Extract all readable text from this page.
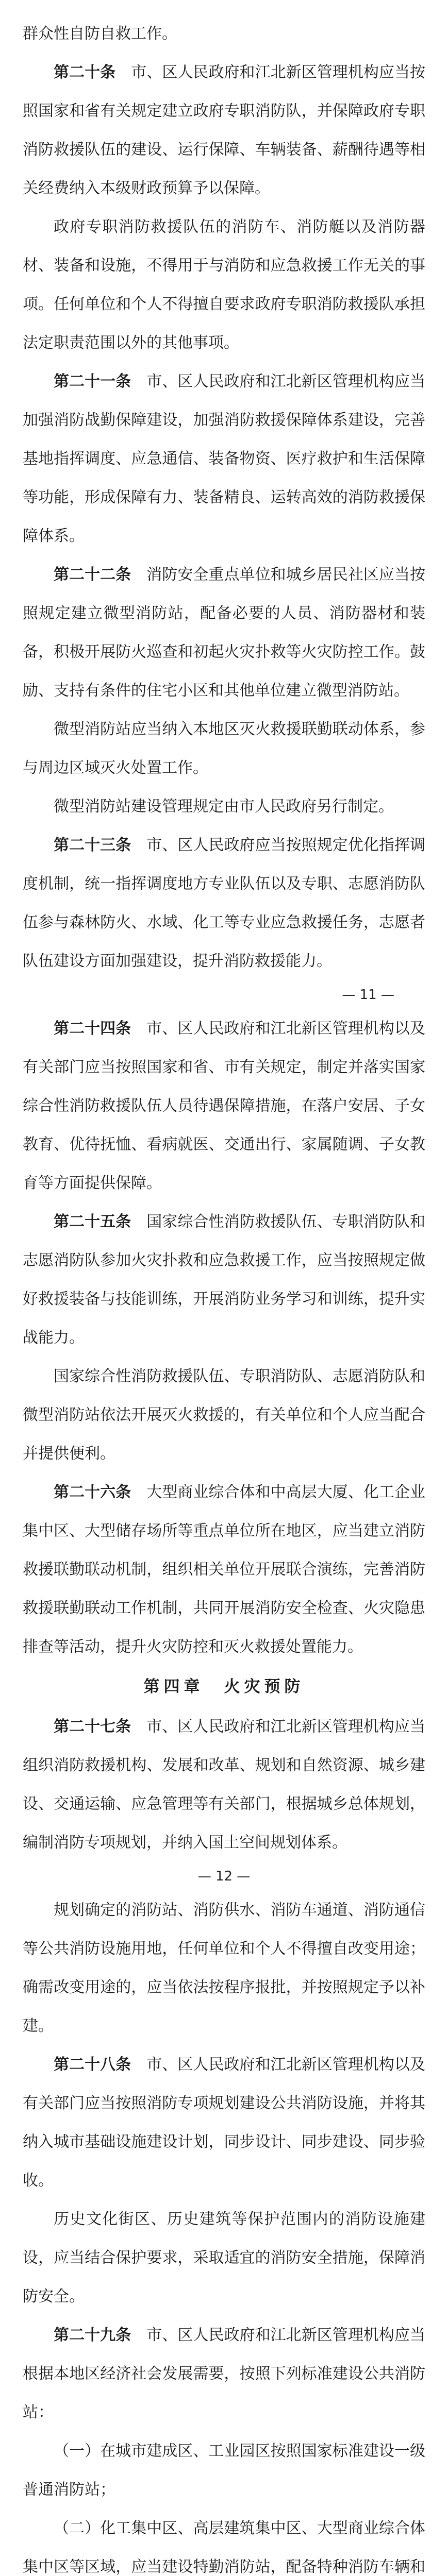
群众性自防自救工作。

第二十条　 市、区人民政府和江北新区管理机构应当按照国家和省有关规定建立政府专职消防队，并保障政府专职消防救援队伍的建设、运行保障、车辆装备、薪酬待遇等相关经费纳入本级财政预算予以保障。

政府专职消防救援队伍的消防车、消防艇以及消防器材、装备和设施，不得用于与消防和应急救援工作无关的事项。任何单位和个人不得擅自要求政府专职消防救援队承担法定职责范围以外的其他事项。

第二十一条　 市、区人民政府和江北新区管理机构应当加强消防战勤保障建设，加强消防救援保障体系建设，完善基地指挥调度、应急通信、装备物资、医疗救护和生活保障等功能，形成保障有力、装备精良、运转高效的消防救援保障体系。

第二十二条　 消防安全重点单位和城乡居民社区应当按照规定建立微型消防站，配备必要的人员、消防器材和装备，积极开展防火巡查和初起火灾扑救等火灾防控工作。鼓励、支持有条件的住宅小区和其他单位建立微型消防站。

微型消防站应当纳入本地区灭火救援联勤联动体系，参与周边区域灭火处置工作。

微型消防站建设管理规定由市人民政府另行制定。

第二十三条　 市、区人民政府应当按照规定优化指挥调度机制，统一指挥调度地方专业队伍以及专职、志愿消防队伍参与森林防火、水域、化工等专业应急救援任务，志愿者队伍建设方面加强建设，提升消防救援能力。

— 11 —

第二十四条　 市、区人民政府和江北新区管理机构以及有关部门应当按照国家和省、市有关规定，制定并落实国家综合性消防救援队伍人员待遇保障措施，在落户安居、子女教育、优待抚恤、看病就医、交通出行、家属随调、子女教育等方面提供保障。

第二十五条　 国家综合性消防救援队伍、专职消防队和志愿消防队参加火灾扑救和应急救援工作，应当按照规定做好救援装备与技能训练，开展消防业务学习和训练，提升实战能力。

国家综合性消防救援队伍、专职消防队、志愿消防队和微型消防站依法开展灭火救援的，有关单位和个人应当配合并提供便利。

第二十六条　 大型商业综合体和中高层大厦、化工企业集中区、大型储存场所等重点单位所在地区，应当建立消防救援联勤联动机制，组织相关单位开展联合演练，完善消防救援联勤联动工作机制，共同开展消防安全检查、火灾隐患排查等活动，提升火灾防控和灭火救援处置能力。

第四章　火灾预防

第二十七条　 市、区人民政府和江北新区管理机构应当组织消防救援机构、发展和改革、规划和自然资源、城乡建设、交通运输、应急管理等有关部门，根据城乡总体规划，编制消防专项规划，并纳入国土空间规划体系。

— 12 —

规划确定的消防站、消防供水、消防车通道、消防通信等公共消防设施用地，任何单位和个人不得擅自改变用途；确需改变用途的，应当依法按程序报批，并按照规定予以补建。

第二十八条　 市、区人民政府和江北新区管理机构以及有关部门应当按照消防专项规划建设公共消防设施，并将其纳入城市基础设施建设计划，同步设计、同步建设、同步验收。

历史文化街区、历史建筑等保护范围内的消防设施建设，应当结合保护要求，采取适宜的消防安全措施，保障消防安全。

第二十九条　 市、区人民政府和江北新区管理机构应当根据本地区经济社会发展需要，按照下列标准建设公共消防站：

（一）在城市建成区、工业园区按照国家标准建设一级普通消防站；

（二）化工集中区、高层建筑集中区、大型商业综合体集中区等区域，应当建设特勤消防站，配备特种消防车辆和
